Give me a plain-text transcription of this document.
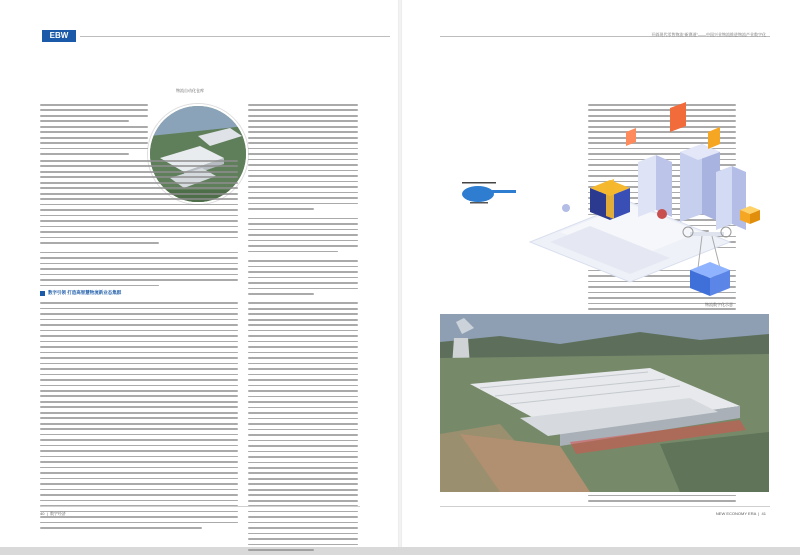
EBW
物流自动化仓库
数字引领 打造高智慧物流新业态集群
40  |  数字经济
开辟现代零售物流“新赛道”——中国兴业物流推进物流产业数字化
NEW ECONOMY ERA  |  41
物流数字化示意
